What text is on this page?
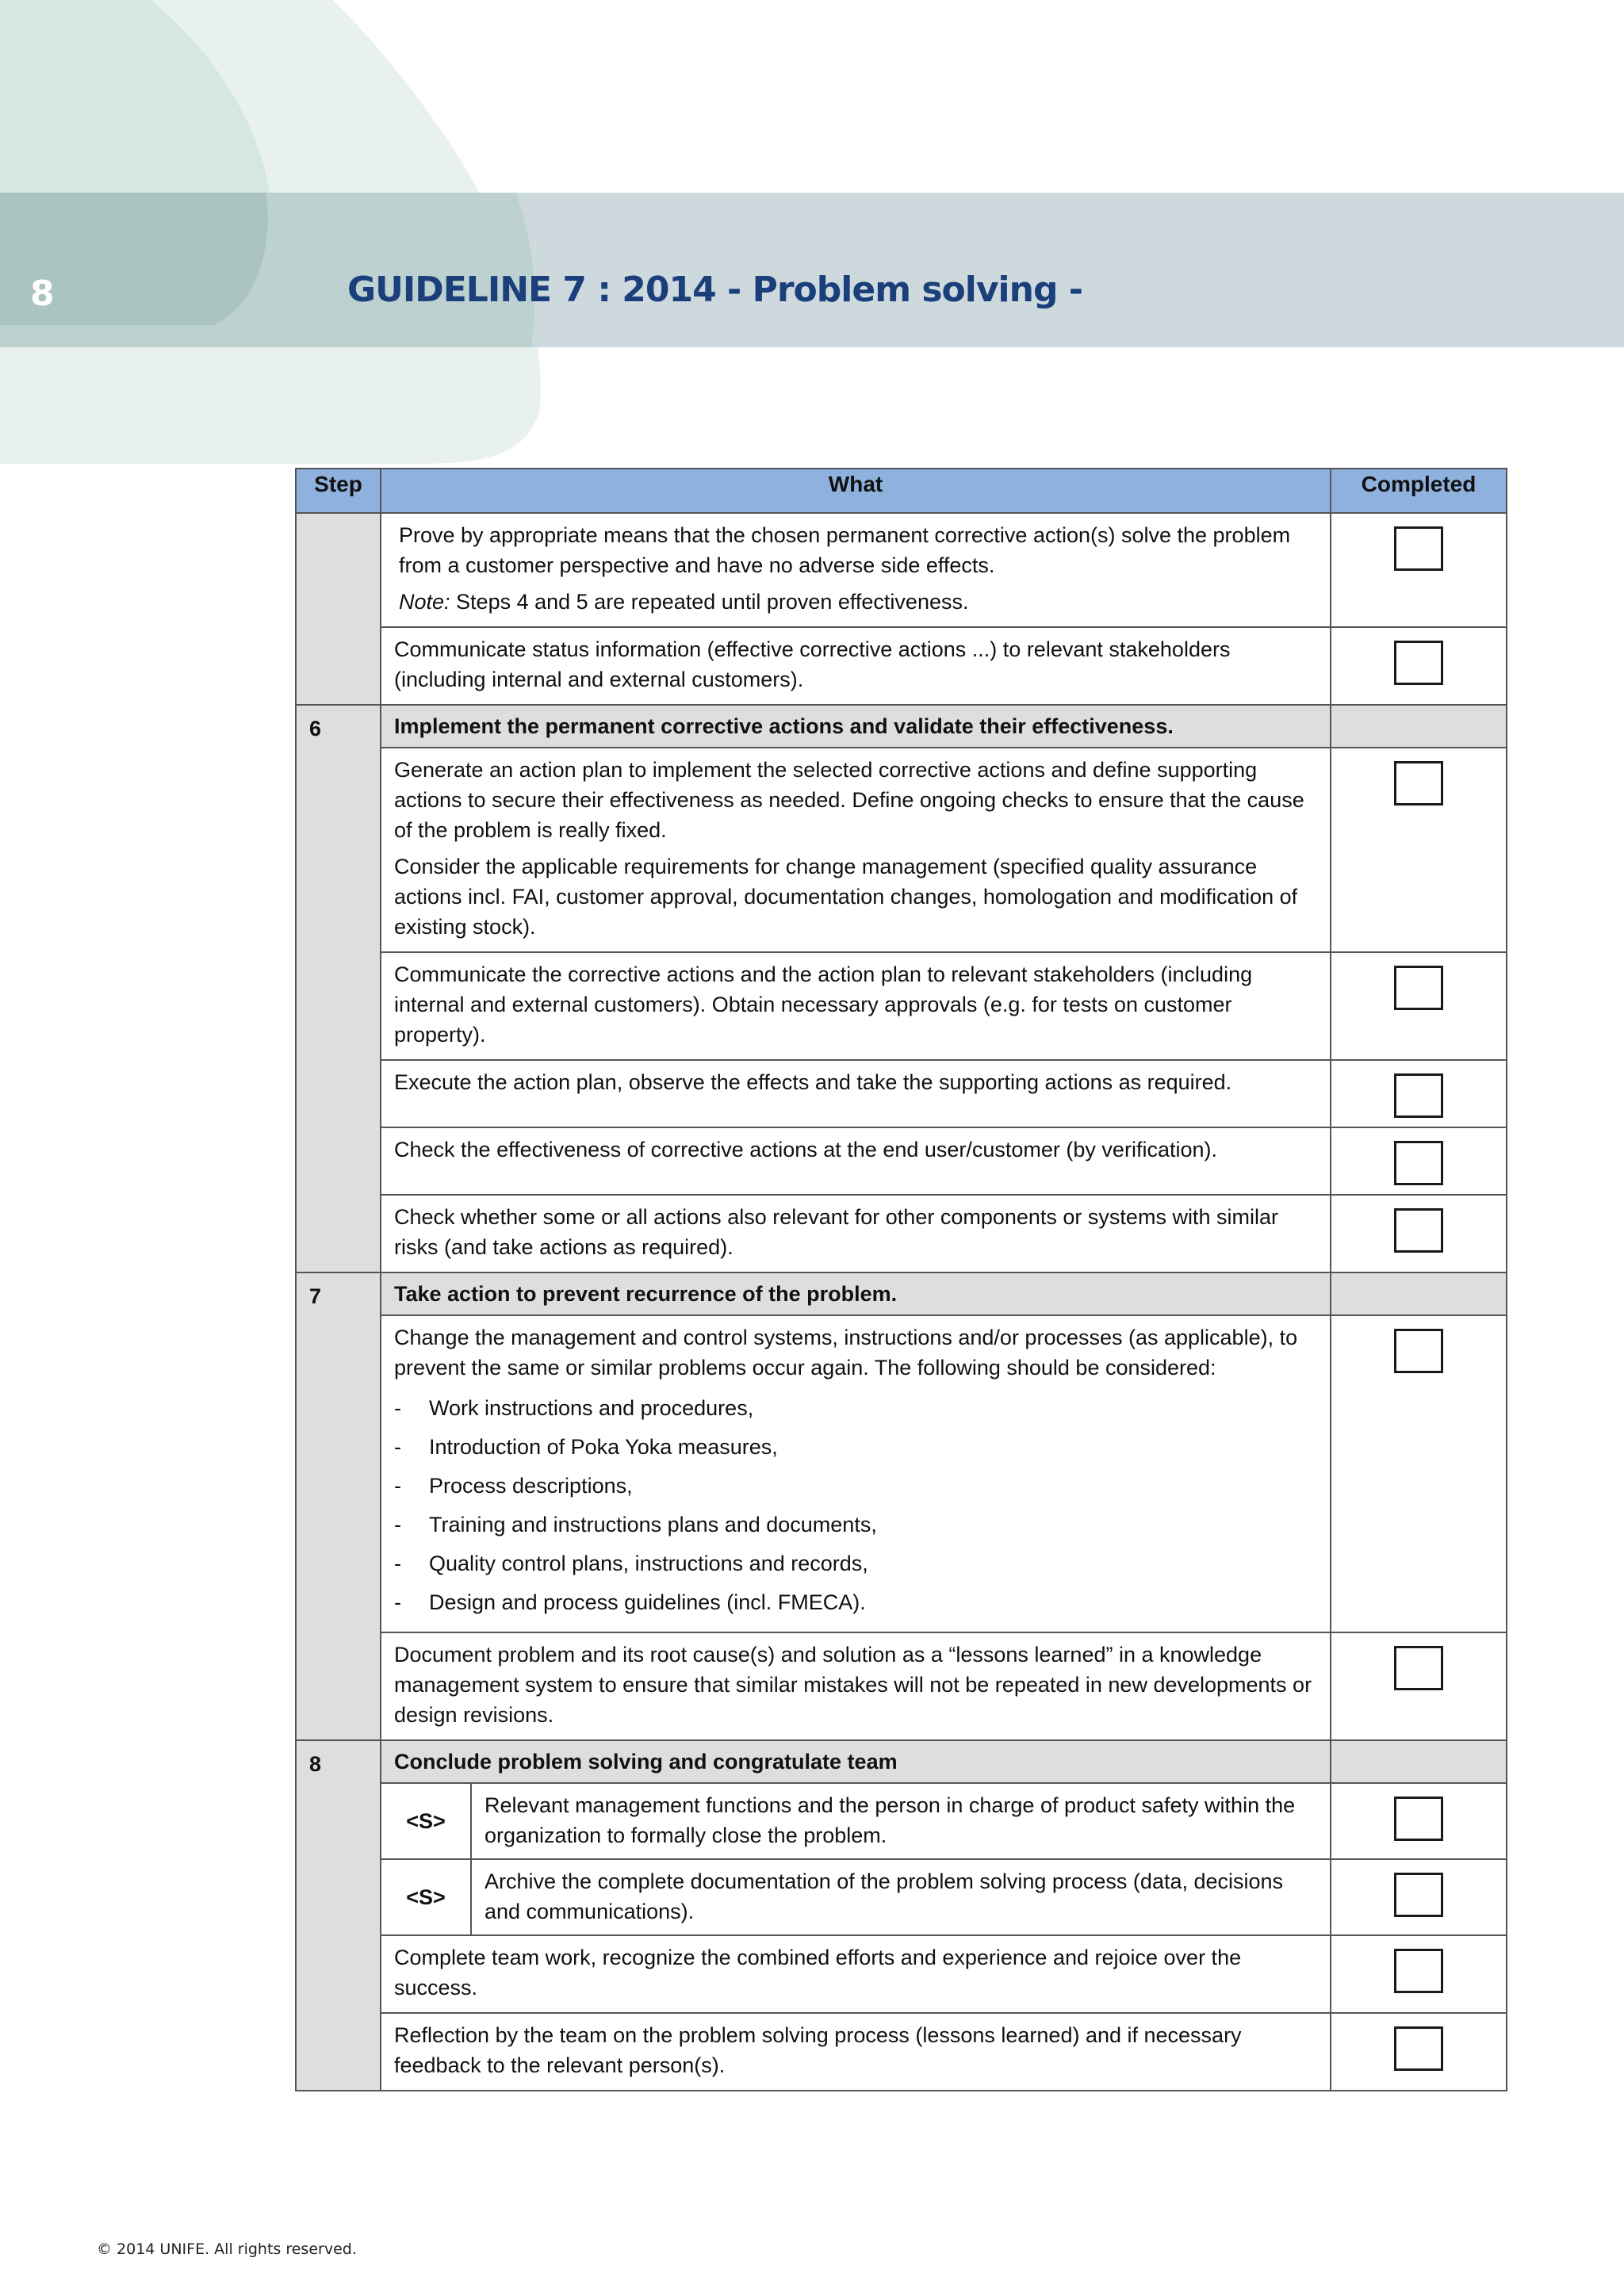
8	GUIDELINE 7 : 2014 - Problem solving -
Step	What	Completed

Prove by appropriate means that the chosen permanent corrective action(s) solve the problem from a customer perspective and have no adverse side effects.

Note: Steps 4 and 5 are repeated until proven effectiveness.

Communicate status information (effective corrective actions ...) to relevant stakeholders (including internal and external customers).

6	Implement the permanent corrective actions and validate their effectiveness.	

Generate an action plan to implement the selected corrective actions and define supporting actions to secure their effectiveness as needed. Define ongoing checks to ensure that the cause of the problem is really fixed.

Consider the applicable requirements for change management (specified quality assurance actions incl. FAI, customer approval, documentation changes, homologation and modification of existing stock).

Communicate the corrective actions and the action plan to relevant stakeholders (including internal and external customers). Obtain necessary approvals (e.g. for tests on customer property).

Execute the action plan, observe the effects and take the supporting actions as required.

Check the effectiveness of corrective actions at the end user/customer (by verification).

Check whether some or all actions also relevant for other components or systems with similar risks (and take actions as required).

7	Take action to prevent recurrence of the problem.	

Change the management and control systems, instructions and/or processes (as applicable), to prevent the same or similar problems occur again. The following should be considered:

- Work instructions and procedures,
- Introduction of Poka Yoka measures,
- Process descriptions,
- Training and instructions plans and documents,
- Quality control plans, instructions and records,
- Design and process guidelines (incl. FMECA).

Document problem and its root cause(s) and solution as a “lessons learned” in a knowledge management system to ensure that similar mistakes will not be repeated in new developments or design revisions.

8	Conclude problem solving and congratulate team	

<S>	Relevant management functions and the person in charge of product safety within the organization to formally close the problem.

<S>	Archive the complete documentation of the problem solving process (data, decisions and communications).

Complete team work, recognize the combined efforts and experience and rejoice over the success.

Reflection by the team on the problem solving process (lessons learned) and if necessary feedback to the relevant person(s).

© 2014 UNIFE. All rights reserved.
